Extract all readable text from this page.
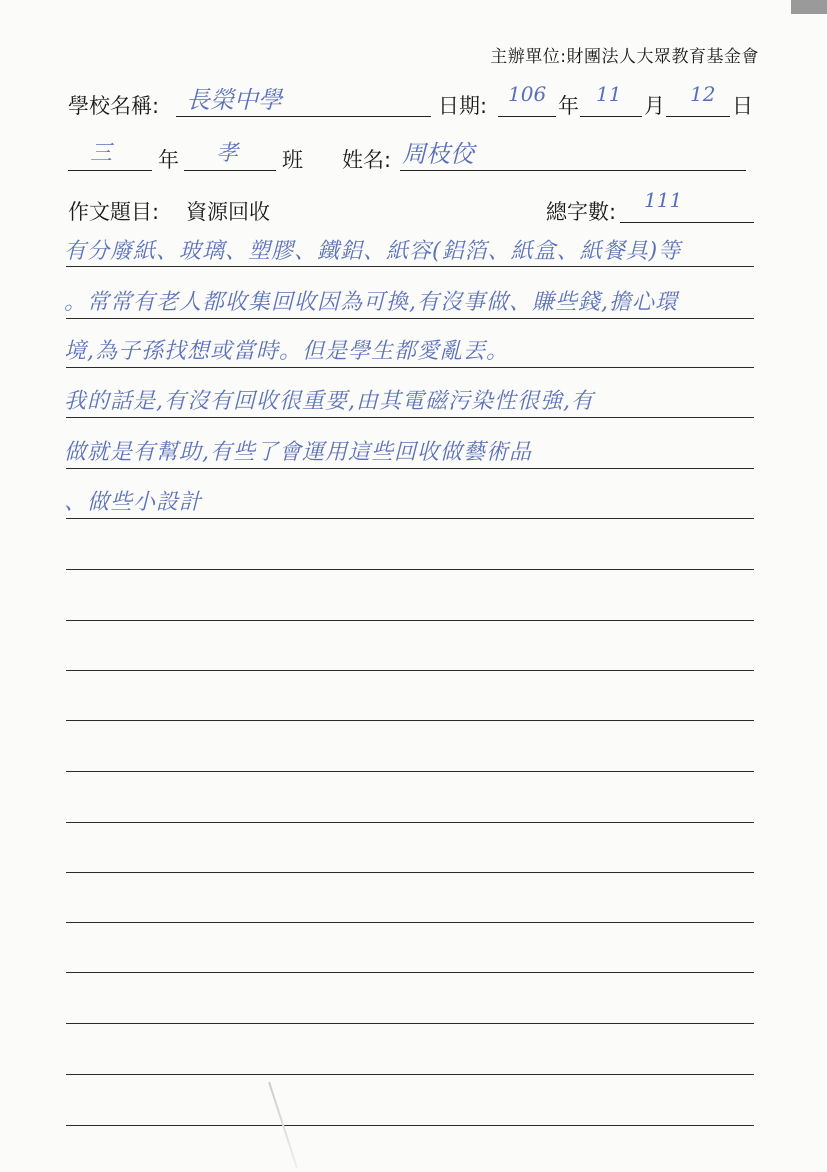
主辦單位:財團法人大眾教育基金會
學校名稱: 長榮中學	日期: 106 年 11 月 12 日
三 年 孝 班 姓名: 周枝佼
作文題目: 資源回收	總字數: 111
有分廢紙、玻璃、塑膠、鐵鋁、紙容(鋁箔、紙盒、紙餐具)等
。常常有老人都收集回收因為可換,有沒事做、賺些錢,擔心環
境,為子孫找想或當時。但是學生都愛亂丟。
我的話是,有沒有回收很重要,由其電磁污染性很強,有
做就是有幫助,有些了會運用這些回收做藝術品
、做些小設計
